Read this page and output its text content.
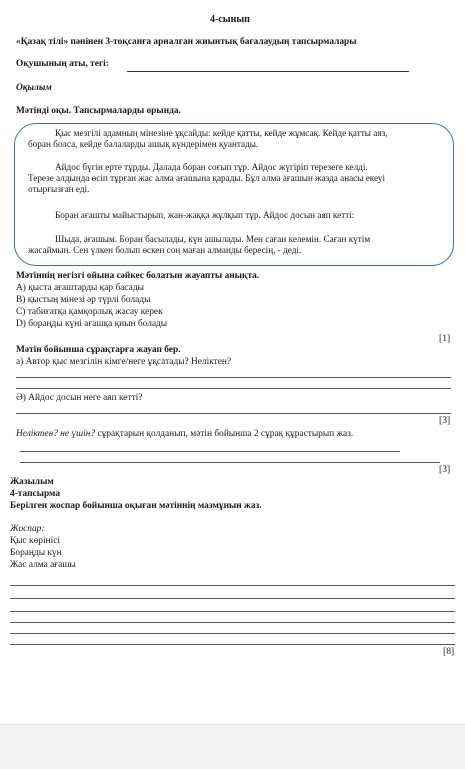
4-сынып
«Қазақ тілі» пәнінен 3-тоқсанға арналған жиынтық бағалаудың тапсырмалары
Оқушының аты, тегі:
Оқылым
Мәтінді оқы. Тапсырмаларды орында.
Қыс мезгілі адамның мінезіне ұқсайды: кейде қатты, кейде жұмсақ. Кейде қатты аяз,
боран болса, кейде балаларды ашық күндерімен қуантады.
Айдос бүгін ерте тұрды. Далада боран соғып тұр. Айдос жүгіріп терезеге келді.
Терезе алдында өсіп тұрған жас алма ағашына қарады. Бұл алма ағашын жазда анасы екеуі
отырғызған еді.
Боран ағашты майыстырып, жан-жаққа жұлқып тұр. Айдос досын аяп кетті:
Шыда, ағашым. Боран басылады, күн ашылады. Мен саған келемін. Саған күтім
жасаймын. Сен үлкен болып өскен соң маған алманды бересің, - деді.
Мәтіннің негізгі ойына сәйкес болатын жауапты анықта.
A) қыста ағаштарды қар басады
B) қыстың мінезі әр түрлі болады
C) табиғатқа қамқорлық жасау керек
D) бораңды күні ағашқа қиын болады
[1]
Мәтін бойынша сұрақтарға жауап бер.
а) Автор қыс мезгілін кімге/неге ұқсатады? Неліктен?
Ә) Айдос досын неге аяп кетті?
[3]
Неліктен? не үшін? сұрақтарын қолданып, мәтін бойынша 2 сұрақ құрастырып жаз.
[3]
Жазылым
4-тапсырма
Берілген жоспар бойынша оқыған мәтіннің мазмұнын жаз.
Жоспар:
Қыс көрінісі
Бораңды күн
Жас алма ағашы
[8]
